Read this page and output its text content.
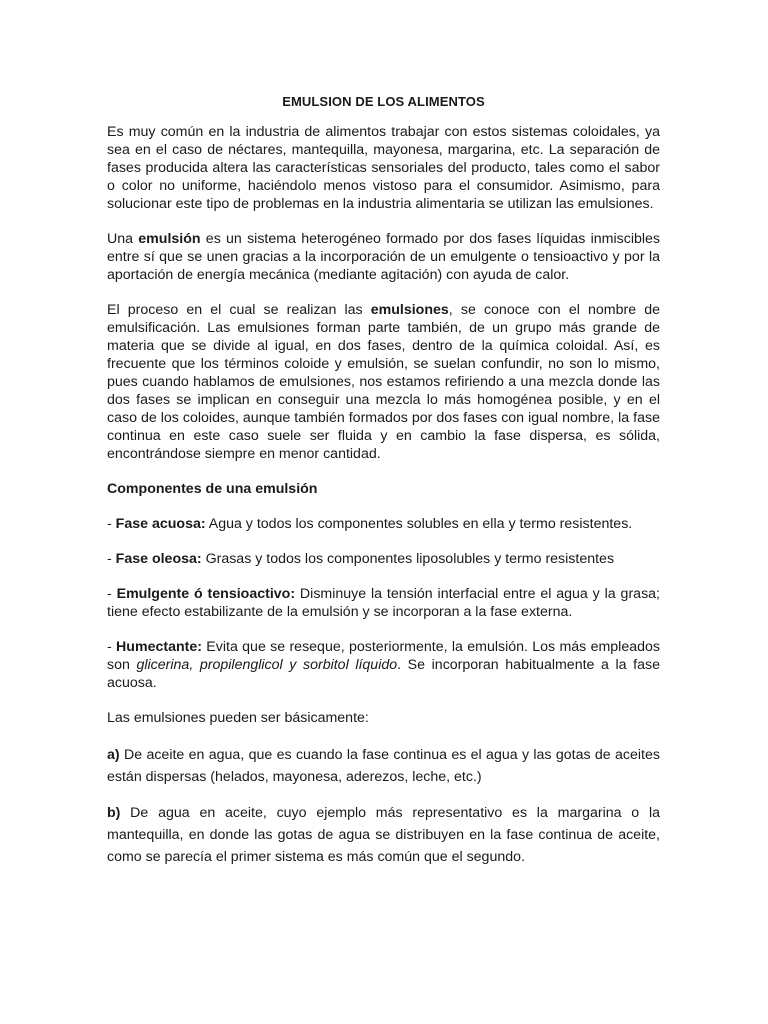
EMULSION DE LOS ALIMENTOS

Es muy común en la industria de alimentos trabajar con estos sistemas coloidales, ya sea en el caso de néctares, mantequilla, mayonesa, margarina, etc. La separación de fases producida altera las características sensoriales del producto, tales como el sabor o color no uniforme, haciéndolo menos vistoso para el consumidor. Asimismo, para solucionar este tipo de problemas en la industria alimentaria se utilizan las emulsiones.

Una emulsión es un sistema heterogéneo formado por dos fases líquidas inmiscibles entre sí que se unen gracias a la incorporación de un emulgente o tensioactivo y por la aportación de energía mecánica (mediante agitación) con ayuda de calor.

El proceso en el cual se realizan las emulsiones, se conoce con el nombre de emulsificación. Las emulsiones forman parte también, de un grupo más grande de materia que se divide al igual, en dos fases, dentro de la química coloidal. Así, es frecuente que los términos coloide y emulsión, se suelan confundir, no son lo mismo, pues cuando hablamos de emulsiones, nos estamos refiriendo a una mezcla donde las dos fases se implican en conseguir una mezcla lo más homogénea posible, y en el caso de los coloides, aunque también formados por dos fases con igual nombre, la fase continua en este caso suele ser fluida y en cambio la fase dispersa, es sólida, encontrándose siempre en menor cantidad.

Componentes de una emulsión

- Fase acuosa: Agua y todos los componentes solubles en ella y termo resistentes.

- Fase oleosa: Grasas y todos los componentes liposolubles y termo resistentes

- Emulgente ó tensioactivo: Disminuye la tensión interfacial entre el agua y la grasa; tiene efecto estabilizante de la emulsión y se incorporan a la fase externa.

- Humectante: Evita que se reseque, posteriormente, la emulsión. Los más empleados son glicerina, propilenglicol y sorbitol líquido. Se incorporan habitualmente a la fase acuosa.

Las emulsiones pueden ser básicamente:

a) De aceite en agua, que es cuando la fase continua es el agua y las gotas de aceites están dispersas (helados, mayonesa, aderezos, leche, etc.)

b) De agua en aceite, cuyo ejemplo más representativo es la margarina o la mantequilla, en donde las gotas de agua se distribuyen en la fase continua de aceite, como se parecía el primer sistema es más común que el segundo.
